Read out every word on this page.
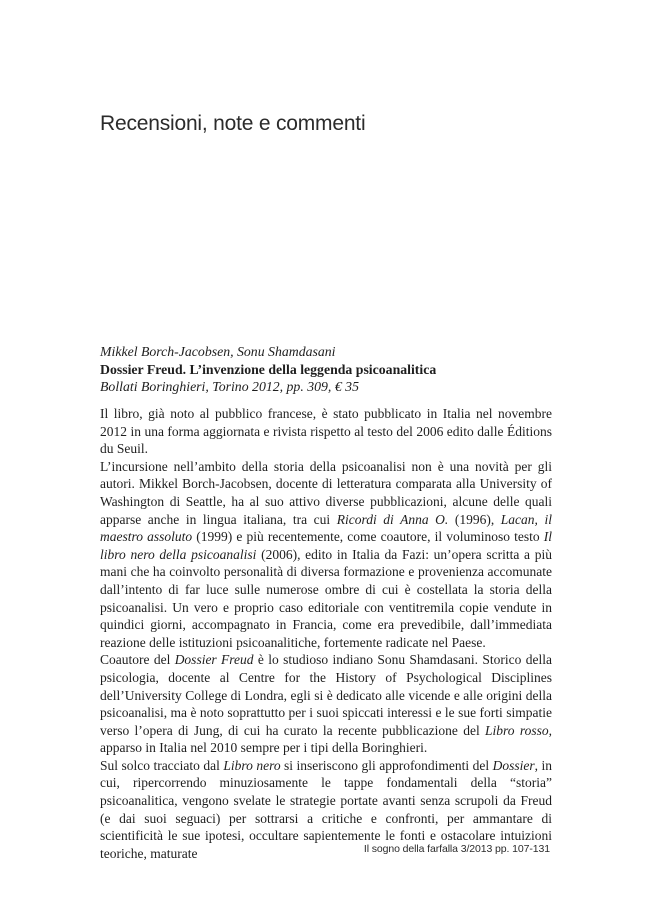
Recensioni, note e commenti
Mikkel Borch-Jacobsen, Sonu Shamdasani
Dossier Freud. L’invenzione della leggenda psicoanalitica
Bollati Boringhieri, Torino 2012, pp. 309, € 35

Il libro, già noto al pubblico francese, è stato pubblicato in Italia nel novembre 2012 in una forma aggiornata e rivista rispetto al testo del 2006 edito dalle Éditions du Seuil.

L’incursione nell’ambito della storia della psicoanalisi non è una novità per gli autori. Mikkel Borch-Jacobsen, docente di letteratura comparata alla University of Washington di Seattle, ha al suo attivo diverse pubblicazioni, alcune delle quali apparse anche in lingua italiana, tra cui Ricordi di Anna O. (1996), Lacan, il maestro assoluto (1999) e più recentemente, come coautore, il voluminoso testo Il libro nero della psicoanalisi (2006), edito in Italia da Fazi: un’opera scritta a più mani che ha coinvolto personalità di diversa formazione e provenienza accomunate dall’intento di far luce sulle numerose ombre di cui è costellata la storia della psicoanalisi. Un vero e proprio caso editoriale con ventitremila copie vendute in quindici giorni, accompagnato in Francia, come era prevedibile, dall’immediata reazione delle istituzioni psicoanalitiche, fortemente radicate nel Paese.

Coautore del Dossier Freud è lo studioso indiano Sonu Shamdasani. Storico della psicologia, docente al Centre for the History of Psychological Disciplines dell’University College di Londra, egli si è dedicato alle vicende e alle origini della psicoanalisi, ma è noto soprattutto per i suoi spiccati interessi e le sue forti simpatie verso l’opera di Jung, di cui ha curato la recente pubblicazione del Libro rosso, apparso in Italia nel 2010 sempre per i tipi della Boringhieri.

Sul solco tracciato dal Libro nero si inseriscono gli approfondimenti del Dossier, in cui, ripercorrendo minuziosamente le tappe fondamentali della “storia” psicoanalitica, vengono svelate le strategie portate avanti senza scrupoli da Freud (e dai suoi seguaci) per sottrarsi a critiche e confronti, per ammantare di scientificità le sue ipotesi, occultare sapientemente le fonti e ostacolare intuizioni teoriche, maturate	Il sogno della farfalla 3/2013 pp. 107-131
